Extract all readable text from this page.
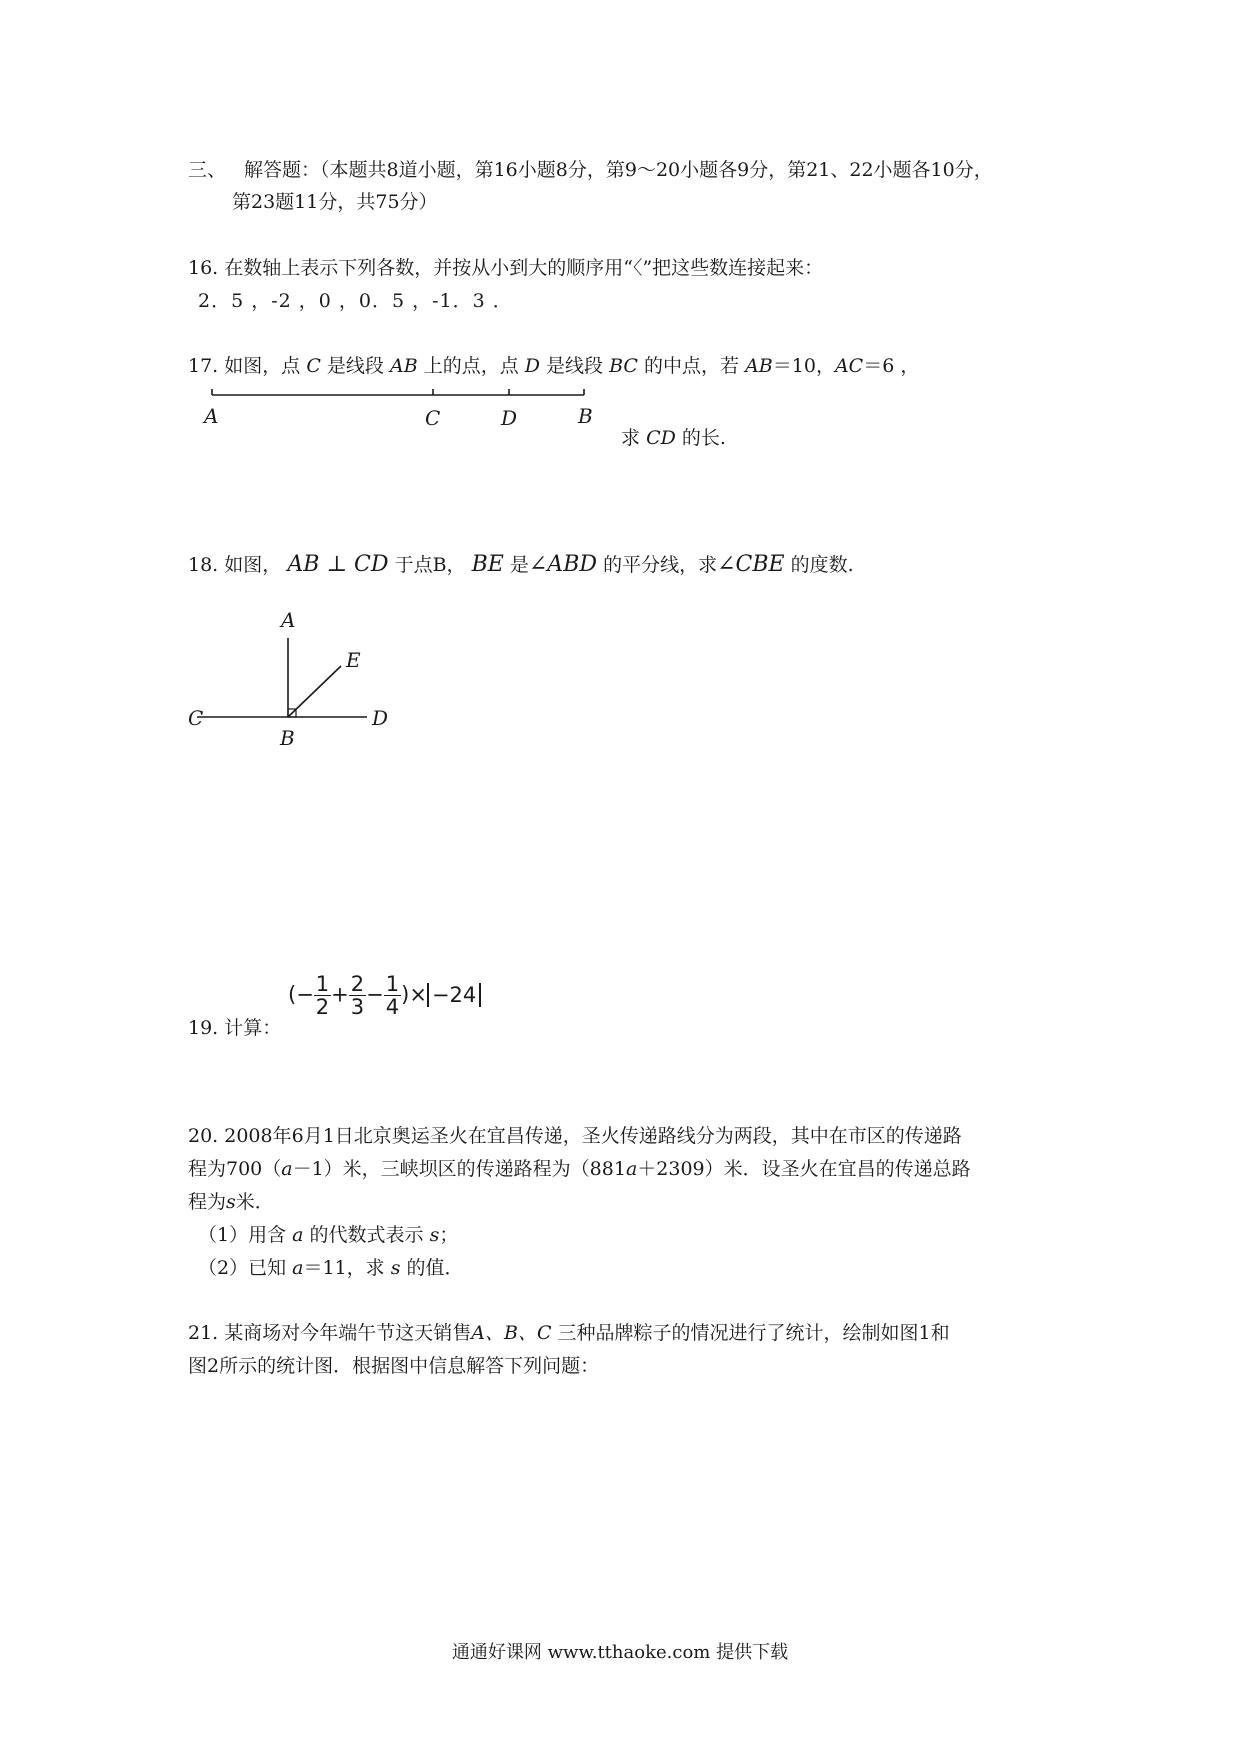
三、 解答题：（本题共8道小题，第16小题8分，第9～20小题各9分，第21、22小题各10分，
第23题11分，共75分）
16. 在数轴上表示下列各数，并按从小到大的顺序用“〈”把这些数连接起来：
2．5 ，-2 ，0 ，0．5 ，-1．3 ．
17. 如图，点 C 是线段 AB 上的点，点 D 是线段 BC 的中点，若 AB＝10，AC＝6 ，
A	C	D	B
求 CD 的长.
18. 如图， AB ⊥ CD 于点B， BE 是∠ABD 的平分线，求∠CBE 的度数.
A
E
C
B
D
19. 计算：
(− $\frac{1}{2} + \frac{2}{3} - \frac{1}{4}$ )× −24
20. 2008年6月1日北京奥运圣火在宜昌传递，圣火传递路线分为两段，其中在市区的传递路
程为700（a－1）米，三峡坝区的传递路程为（881a＋2309）米．设圣火在宜昌的传递总路
程为s米．
（1）用含 a 的代数式表示 s；
（2）已知 a＝11，求 s 的值．
21. 某商场对今年端午节这天销售A、B、C 三种品牌粽子的情况进行了统计，绘制如图1和
图2所示的统计图．根据图中信息解答下列问题：
通通好课网 www.tthaoke.com 提供下载
